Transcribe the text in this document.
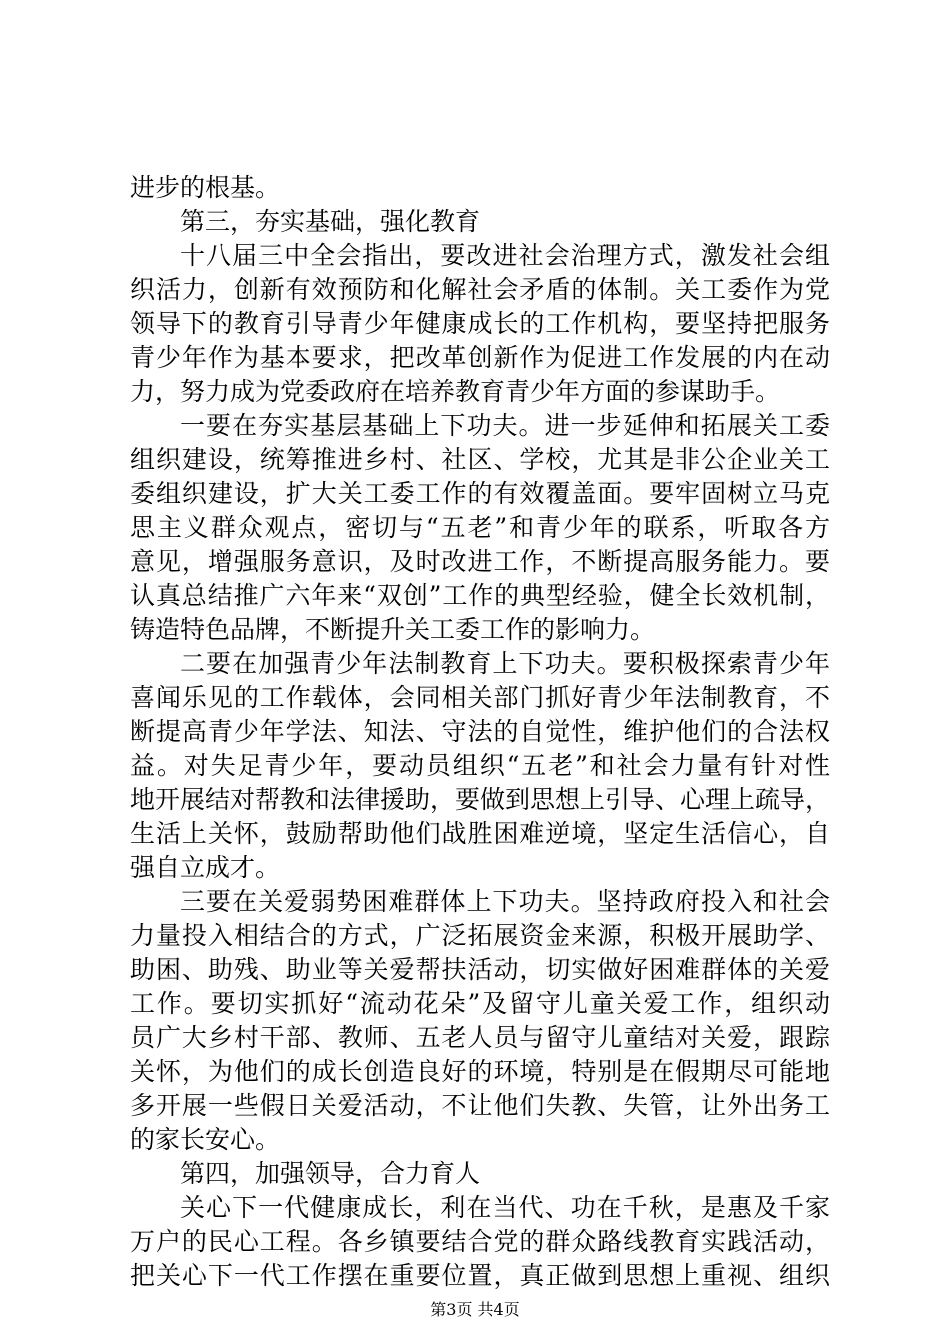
进步的根基。
第三，夯实基础，强化教育
十八届三中全会指出，要改进社会治理方式，激发社会组
织活力，创新有效预防和化解社会矛盾的体制。关工委作为党
领导下的教育引导青少年健康成长的工作机构，要坚持把服务
青少年作为基本要求，把改革创新作为促进工作发展的内在动
力，努力成为党委政府在培养教育青少年方面的参谋助手。
一要在夯实基层基础上下功夫。进一步延伸和拓展关工委
组织建设，统筹推进乡村、社区、学校，尤其是非公企业关工
委组织建设，扩大关工委工作的有效覆盖面。要牢固树立马克
思主义群众观点，密切与“五老”和青少年的联系，听取各方
意见，增强服务意识，及时改进工作，不断提高服务能力。要
认真总结推广六年来“双创”工作的典型经验，健全长效机制，
铸造特色品牌，不断提升关工委工作的影响力。
二要在加强青少年法制教育上下功夫。要积极探索青少年
喜闻乐见的工作载体，会同相关部门抓好青少年法制教育，不
断提高青少年学法、知法、守法的自觉性，维护他们的合法权
益。对失足青少年，要动员组织“五老”和社会力量有针对性
地开展结对帮教和法律援助，要做到思想上引导、心理上疏导，
生活上关怀，鼓励帮助他们战胜困难逆境，坚定生活信心，自
强自立成才。
三要在关爱弱势困难群体上下功夫。坚持政府投入和社会
力量投入相结合的方式，广泛拓展资金来源，积极开展助学、
助困、助残、助业等关爱帮扶活动，切实做好困难群体的关爱
工作。要切实抓好“流动花朵”及留守儿童关爱工作，组织动
员广大乡村干部、教师、五老人员与留守儿童结对关爱，跟踪
关怀，为他们的成长创造良好的环境，特别是在假期尽可能地
多开展一些假日关爱活动，不让他们失教、失管，让外出务工
的家长安心。
第四，加强领导，合力育人
关心下一代健康成长，利在当代、功在千秋，是惠及千家
万户的民心工程。各乡镇要结合党的群众路线教育实践活动，
把关心下一代工作摆在重要位置，真正做到思想上重视、组织
第3页 共4页
